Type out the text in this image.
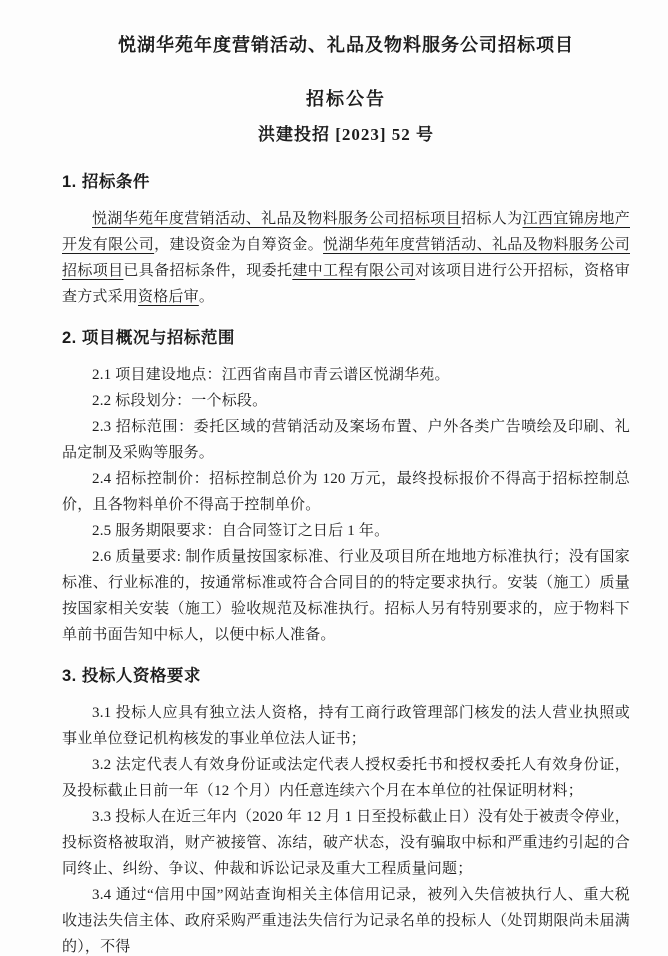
悦湖华苑年度营销活动、礼品及物料服务公司招标项目
招标公告
洪建投招 [2023] 52 号
1. 招标条件

悦湖华苑年度营销活动、礼品及物料服务公司招标项目招标人为江西宜锦房地产开发有限公司，建设资金为自筹资金。悦湖华苑年度营销活动、礼品及物料服务公司招标项目已具备招标条件，现委托建中工程有限公司对该项目进行公开招标，资格审查方式采用资格后审。

2. 项目概况与招标范围

2.1 项目建设地点：江西省南昌市青云谱区悦湖华苑。

2.2 标段划分：一个标段。

2.3 招标范围：委托区域的营销活动及案场布置、户外各类广告喷绘及印刷、礼品定制及采购等服务。

2.4 招标控制价：招标控制总价为 120 万元，最终投标报价不得高于招标控制总价，且各物料单价不得高于控制单价。

2.5 服务期限要求：自合同签订之日后 1 年。

2.6 质量要求: 制作质量按国家标准、行业及项目所在地地方标准执行；没有国家标准、行业标准的，按通常标准或符合合同目的的特定要求执行。安装（施工）质量按国家相关安装（施工）验收规范及标准执行。招标人另有特别要求的，应于物料下单前书面告知中标人，以便中标人准备。

3. 投标人资格要求

3.1 投标人应具有独立法人资格，持有工商行政管理部门核发的法人营业执照或事业单位登记机构核发的事业单位法人证书；

3.2 法定代表人有效身份证或法定代表人授权委托书和授权委托人有效身份证，及投标截止日前一年（12 个月）内任意连续六个月在本单位的社保证明材料；

3.3 投标人在近三年内（2020 年 12 月 1 日至投标截止日）没有处于被责令停业，投标资格被取消，财产被接管、冻结，破产状态，没有骗取中标和严重违约引起的合同终止、纠纷、争议、仲裁和诉讼记录及重大工程质量问题；

3.4 通过“信用中国”网站查询相关主体信用记录，被列入失信被执行人、重大税收违法失信主体、政府采购严重违法失信行为记录名单的投标人（处罚期限尚未届满的），不得
